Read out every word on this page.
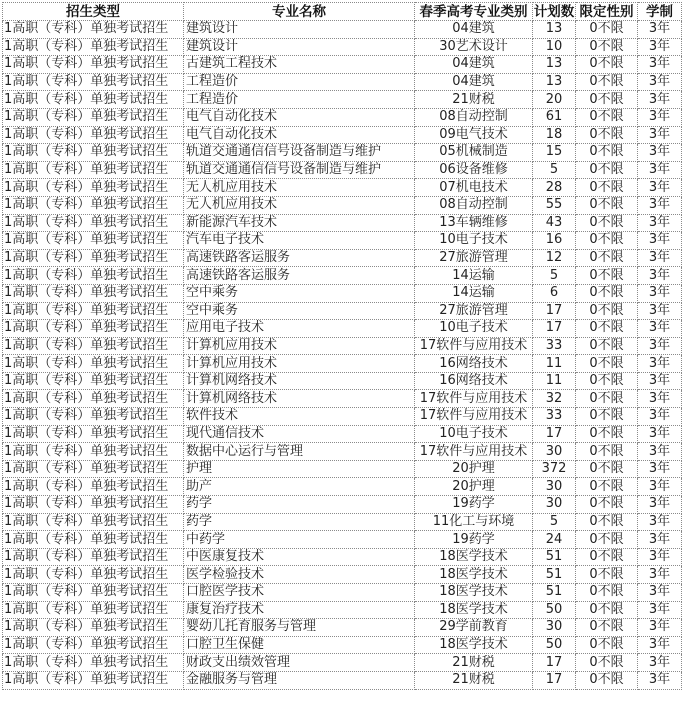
招生类型	专业名称	春季高考专业类别	计划数	限定性别	学制
1高职（专科）单独考试招生	建筑设计	04建筑	13	0不限	3年
1高职（专科）单独考试招生	建筑设计	30艺术设计	10	0不限	3年
1高职（专科）单独考试招生	古建筑工程技术	04建筑	13	0不限	3年
1高职（专科）单独考试招生	工程造价	04建筑	13	0不限	3年
1高职（专科）单独考试招生	工程造价	21财税	20	0不限	3年
1高职（专科）单独考试招生	电气自动化技术	08自动控制	61	0不限	3年
1高职（专科）单独考试招生	电气自动化技术	09电气技术	18	0不限	3年
1高职（专科）单独考试招生	轨道交通通信信号设备制造与维护	05机械制造	15	0不限	3年
1高职（专科）单独考试招生	轨道交通通信信号设备制造与维护	06设备维修	5	0不限	3年
1高职（专科）单独考试招生	无人机应用技术	07机电技术	28	0不限	3年
1高职（专科）单独考试招生	无人机应用技术	08自动控制	55	0不限	3年
1高职（专科）单独考试招生	新能源汽车技术	13车辆维修	43	0不限	3年
1高职（专科）单独考试招生	汽车电子技术	10电子技术	16	0不限	3年
1高职（专科）单独考试招生	高速铁路客运服务	27旅游管理	12	0不限	3年
1高职（专科）单独考试招生	高速铁路客运服务	14运输	5	0不限	3年
1高职（专科）单独考试招生	空中乘务	14运输	6	0不限	3年
1高职（专科）单独考试招生	空中乘务	27旅游管理	17	0不限	3年
1高职（专科）单独考试招生	应用电子技术	10电子技术	17	0不限	3年
1高职（专科）单独考试招生	计算机应用技术	17软件与应用技术	33	0不限	3年
1高职（专科）单独考试招生	计算机应用技术	16网络技术	11	0不限	3年
1高职（专科）单独考试招生	计算机网络技术	16网络技术	11	0不限	3年
1高职（专科）单独考试招生	计算机网络技术	17软件与应用技术	32	0不限	3年
1高职（专科）单独考试招生	软件技术	17软件与应用技术	33	0不限	3年
1高职（专科）单独考试招生	现代通信技术	10电子技术	17	0不限	3年
1高职（专科）单独考试招生	数据中心运行与管理	17软件与应用技术	30	0不限	3年
1高职（专科）单独考试招生	护理	20护理	372	0不限	3年
1高职（专科）单独考试招生	助产	20护理	30	0不限	3年
1高职（专科）单独考试招生	药学	19药学	30	0不限	3年
1高职（专科）单独考试招生	药学	11化工与环境	5	0不限	3年
1高职（专科）单独考试招生	中药学	19药学	24	0不限	3年
1高职（专科）单独考试招生	中医康复技术	18医学技术	51	0不限	3年
1高职（专科）单独考试招生	医学检验技术	18医学技术	51	0不限	3年
1高职（专科）单独考试招生	口腔医学技术	18医学技术	51	0不限	3年
1高职（专科）单独考试招生	康复治疗技术	18医学技术	50	0不限	3年
1高职（专科）单独考试招生	婴幼儿托育服务与管理	29学前教育	30	0不限	3年
1高职（专科）单独考试招生	口腔卫生保健	18医学技术	50	0不限	3年
1高职（专科）单独考试招生	财政支出绩效管理	21财税	17	0不限	3年
1高职（专科）单独考试招生	金融服务与管理	21财税	17	0不限	3年
